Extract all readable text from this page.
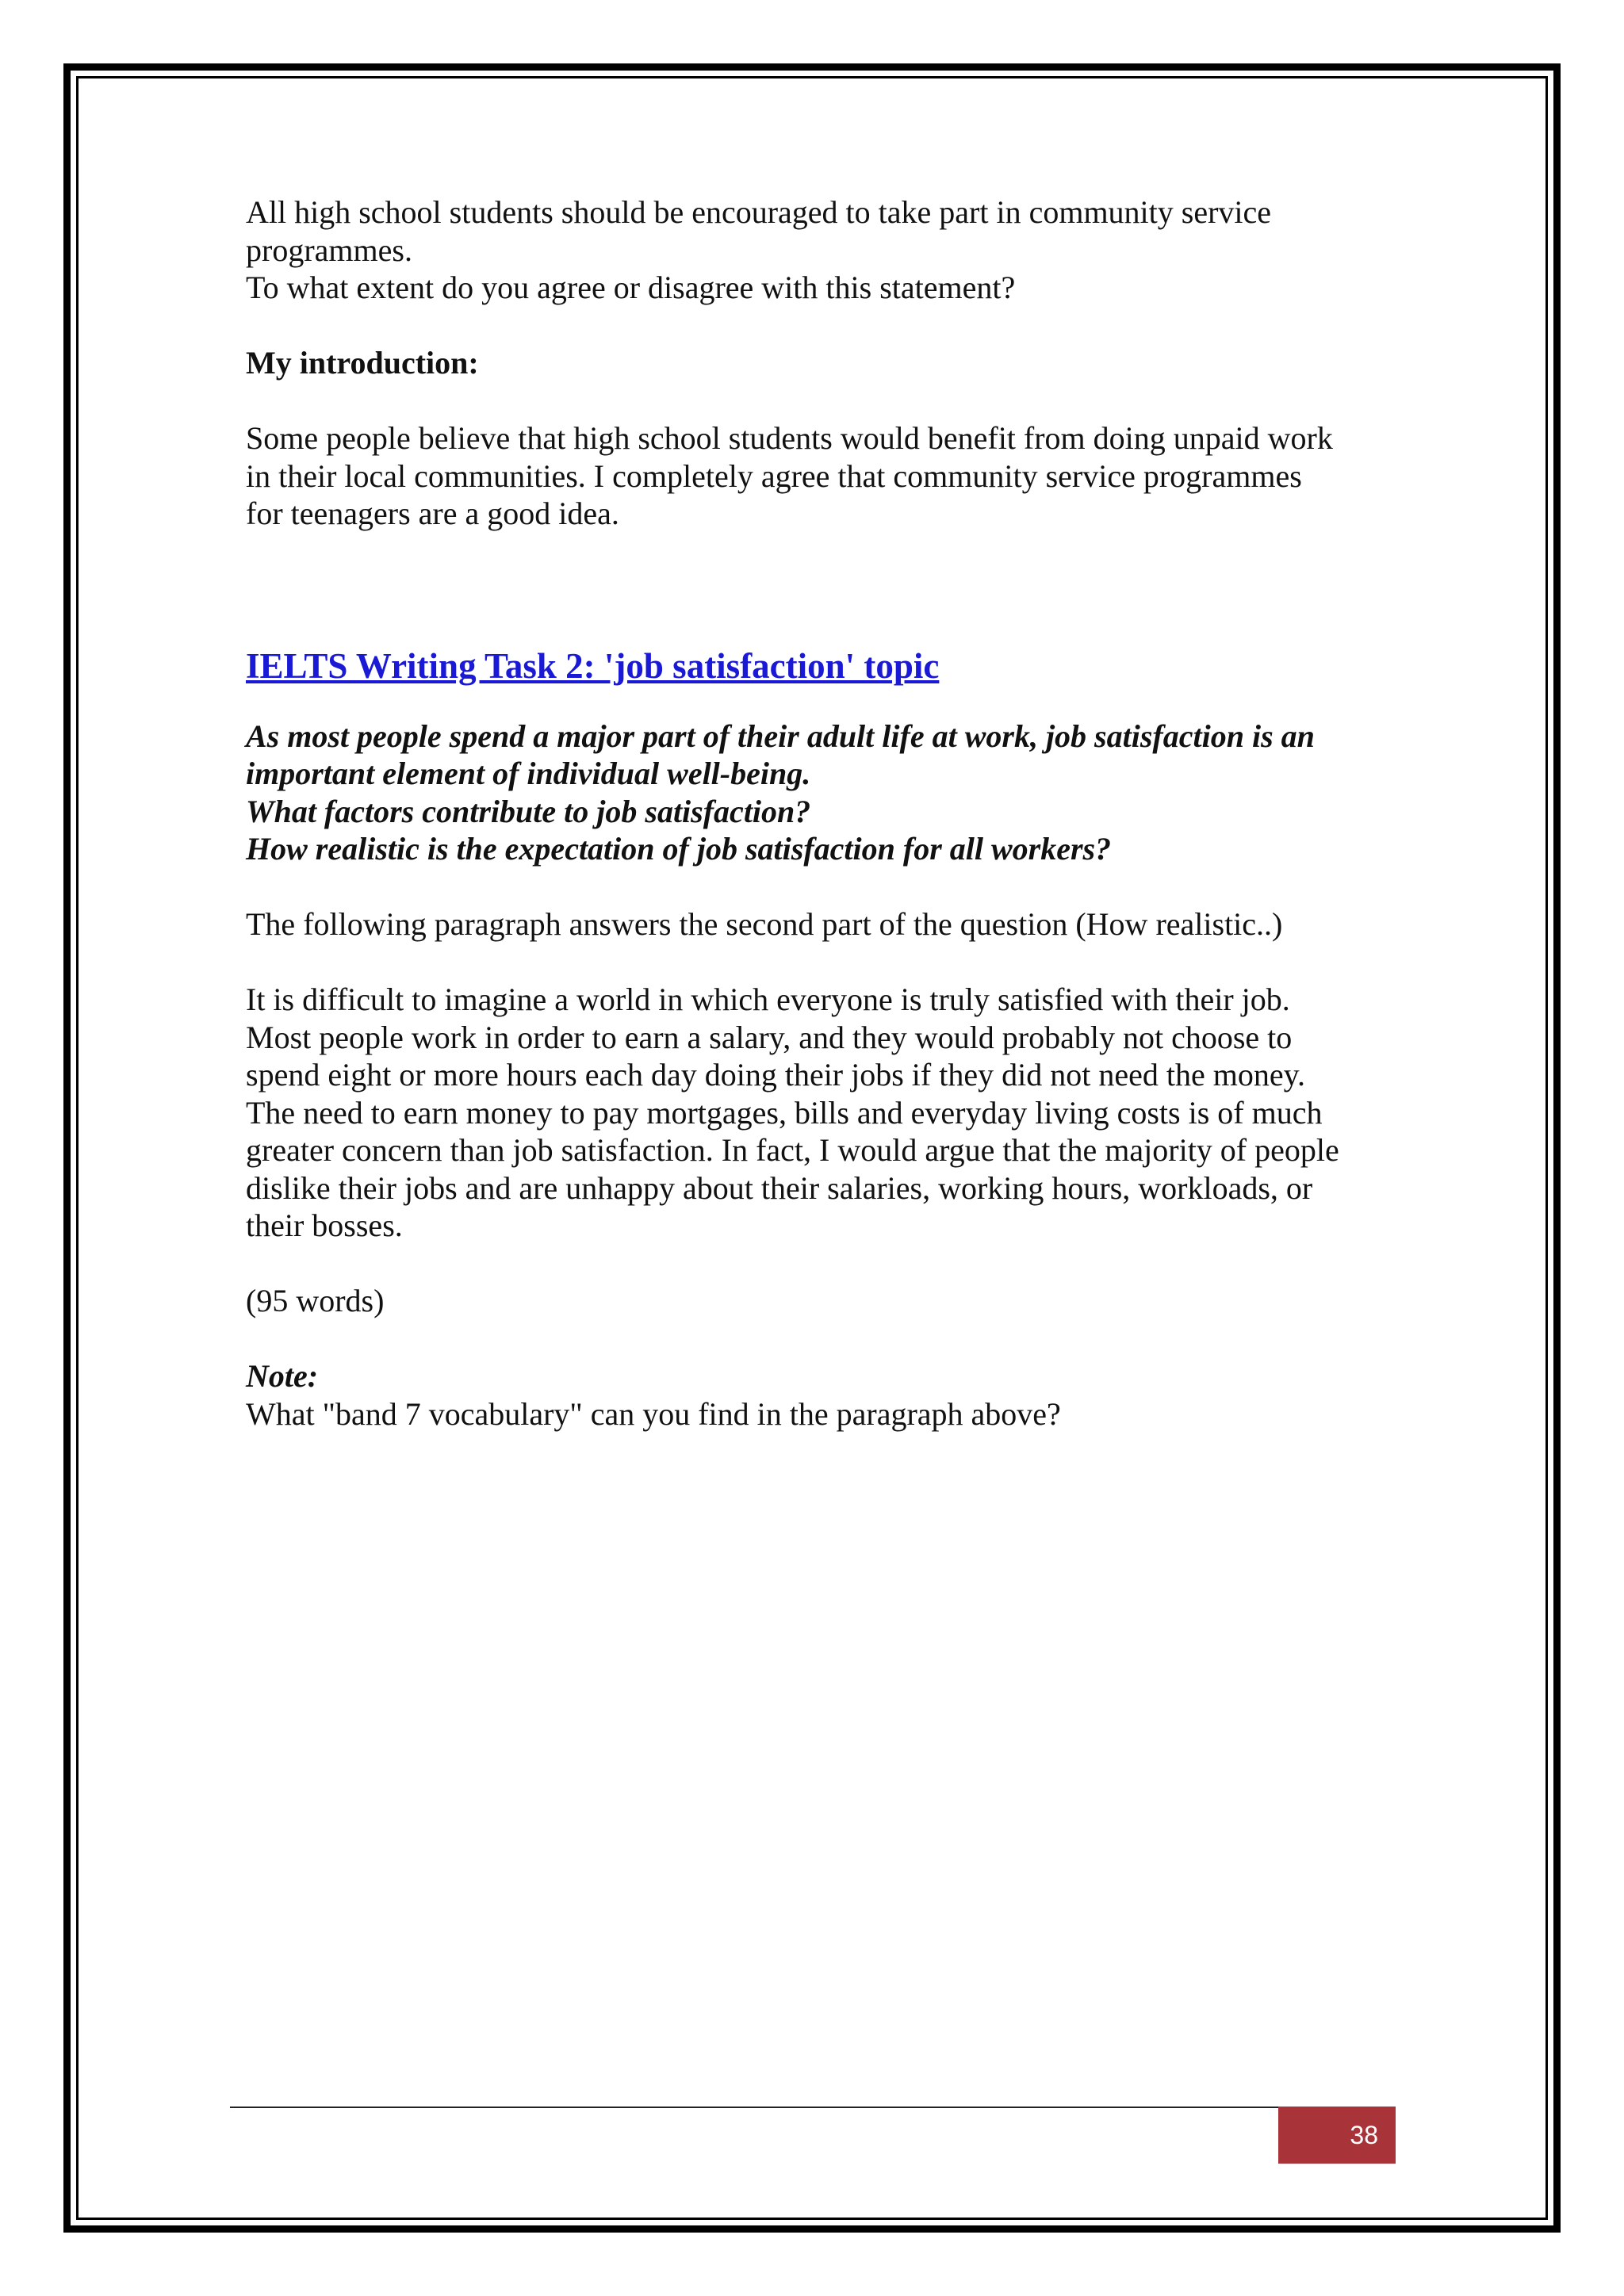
All high school students should be encouraged to take part in community service

programmes.

To what extent do you agree or disagree with this statement?

My introduction:

Some people believe that high school students would benefit from doing unpaid work

in their local communities. I completely agree that community service programmes

for teenagers are a good idea.

IELTS Writing Task 2: 'job satisfaction' topic

As most people spend a major part of their adult life at work, job satisfaction is an

important element of individual well-being.

What factors contribute to job satisfaction?

How realistic is the expectation of job satisfaction for all workers?

The following paragraph answers the second part of the question (How realistic..)

It is difficult to imagine a world in which everyone is truly satisfied with their job.

Most people work in order to earn a salary, and they would probably not choose to

spend eight or more hours each day doing their jobs if they did not need the money.

The need to earn money to pay mortgages, bills and everyday living costs is of much

greater concern than job satisfaction. In fact, I would argue that the majority of people

dislike their jobs and are unhappy about their salaries, working hours, workloads, or

their bosses.

(95 words)

Note:

What "band 7 vocabulary" can you find in the paragraph above?

38
